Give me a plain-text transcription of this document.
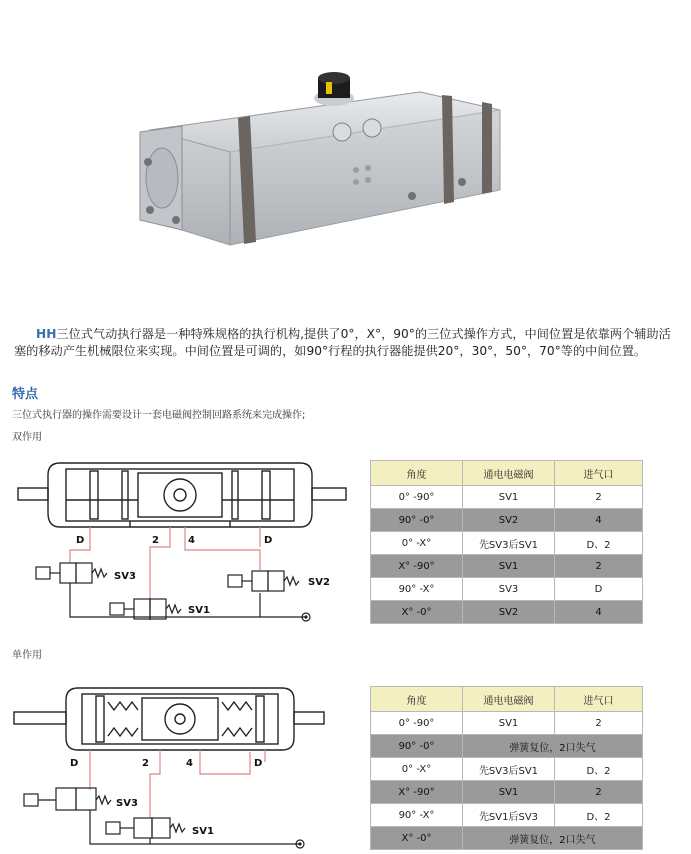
HH三位式气动执行器是一种特殊规格的执行机构,提供了0°，X°，90°的三位式操作方式，中间位置是依靠两个辅助活塞的移动产生机械限位来实现。中间位置是可调的，如90°行程的执行器能提供20°，30°，50°，70°等的中间位置。
特点
三位式执行器的操作需要设计一套电磁阀控制回路系统来完成操作;
双作用
D	2	4	D
SV3
SV1
SV2
角度	通电电磁阀	进气口
0° -90°	SV1	2
90° -0°	SV2	4
0° -X°	先SV3后SV1	D、2
X° -90°	SV1	2
90° -X°	SV3	D
X° -0°	SV2	4
单作用
D	2	4	D
SV3
SV1
角度	通电电磁阀	进气口
0° -90°	SV1	2
90° -0°	弹簧复位，2口失气	
0° -X°	先SV3后SV1	D、2
X° -90°	SV1	2
90° -X°	先SV1后SV3	D、2
X° -0°	弹簧复位，2口失气	
